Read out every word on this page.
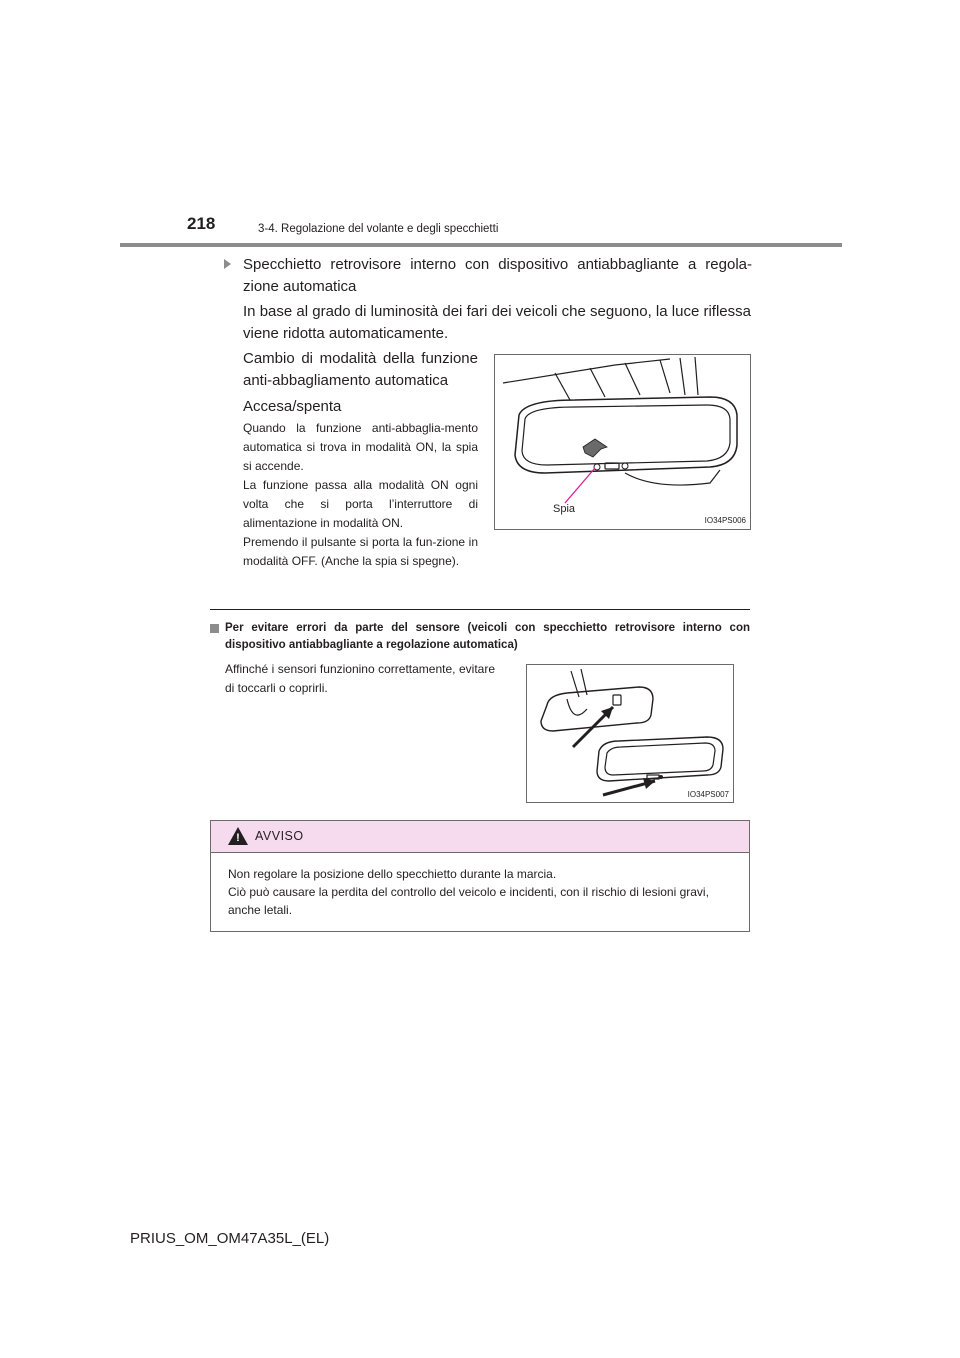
218	3-4. Regolazione del volante e degli specchietti
Specchietto retrovisore interno con dispositivo antiabbagliante a regola-zione automatica
In base al grado di luminosità dei fari dei veicoli che seguono, la luce riflessa viene ridotta automaticamente.
Cambio di modalità della funzione anti-abbagliamento automatica
Accesa/spenta
Quando la funzione anti-abbaglia-mento automatica si trova in modalità ON, la spia si accende.
La funzione passa alla modalità ON ogni volta che si porta l’interruttore di alimentazione in modalità ON.
Premendo il pulsante si porta la fun-zione in modalità OFF. (Anche la spia si spegne).
Spia
IO34PS006
Per evitare errori da parte del sensore (veicoli con specchietto retrovisore interno con dispositivo antiabbagliante a regolazione automatica)
Affinché i sensori funzionino correttamente, evitare di toccarli o coprirli.
IO34PS007
!	AVVISO
Non regolare la posizione dello specchietto durante la marcia.
Ciò può causare la perdita del controllo del veicolo e incidenti, con il rischio di lesioni gravi, anche letali.
PRIUS_OM_OM47A35L_(EL)
